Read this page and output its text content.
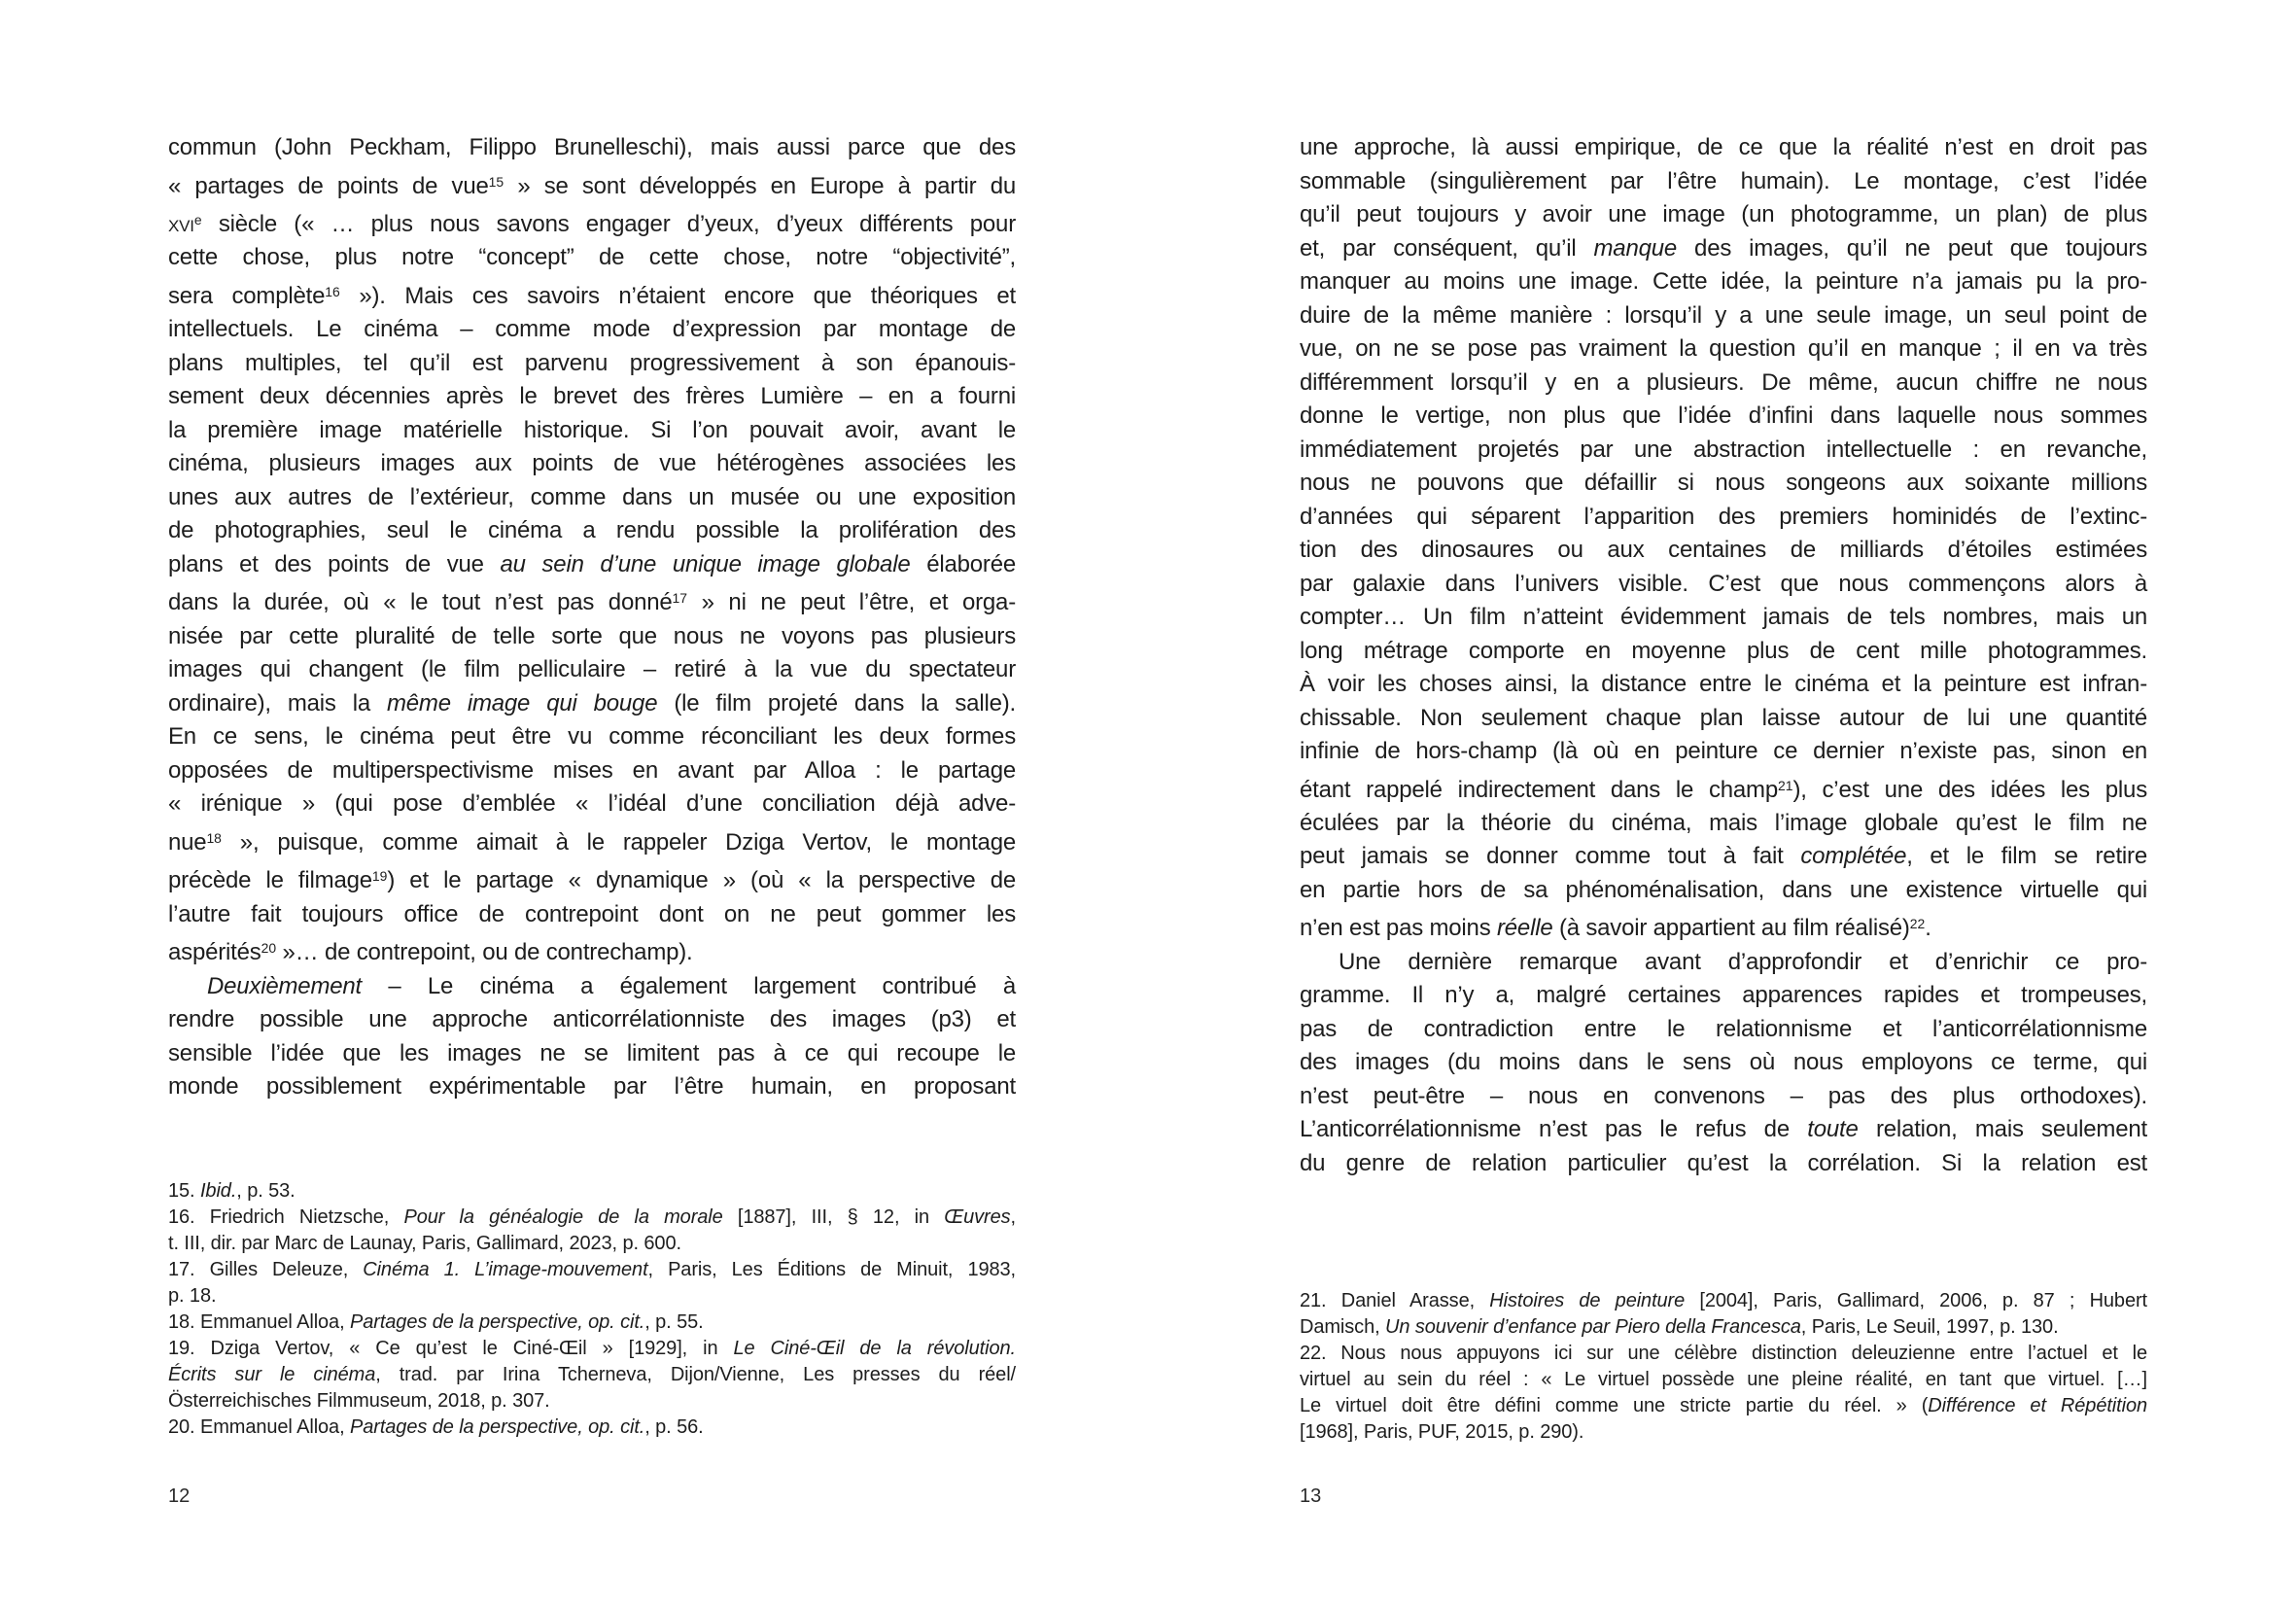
commun (John Peckham, Filippo Brunelleschi), mais aussi parce que des
« partages de points de vue$^{15}$ » se sont développés en Europe à partir du
xvi$^e$ siècle (« … plus nous savons engager d’yeux, d’yeux différents pour
cette chose, plus notre “concept” de cette chose, notre “objectivité”,
sera complète$^{16}$ »). Mais ces savoirs n’étaient encore que théoriques et
intellectuels. Le cinéma – comme mode d’expression par montage de
plans multiples, tel qu’il est parvenu progressivement à son épanouis-
sement deux décennies après le brevet des frères Lumière – en a fourni
la première image matérielle historique. Si l’on pouvait avoir, avant le
cinéma, plusieurs images aux points de vue hétérogènes associées les
unes aux autres de l’extérieur, comme dans un musée ou une exposition
de photographies, seul le cinéma a rendu possible la prolifération des
plans et des points de vue au sein d’une unique image globale élaborée
dans la durée, où « le tout n’est pas donné$^{17}$ » ni ne peut l’être, et orga-
nisée par cette pluralité de telle sorte que nous ne voyons pas plusieurs
images qui changent (le film pelliculaire – retiré à la vue du spectateur
ordinaire), mais la même image qui bouge (le film projeté dans la salle).
En ce sens, le cinéma peut être vu comme réconciliant les deux formes
opposées de multiperspectivisme mises en avant par Alloa : le partage
« irénique » (qui pose d’emblée « l’idéal d’une conciliation déjà adve-
nue$^{18}$ », puisque, comme aimait à le rappeler Dziga Vertov, le montage
précède le filmage$^{19}$) et le partage « dynamique » (où « la perspective de
l’autre fait toujours office de contrepoint dont on ne peut gommer les
aspérités$^{20}$ »… de contrepoint, ou de contrechamp).
Deuxièmement – Le cinéma a également largement contribué à
rendre possible une approche anticorrélationniste des images (p3) et
sensible l’idée que les images ne se limitent pas à ce qui recoupe le
monde possiblement expérimentable par l’être humain, en proposant
15. Ibid., p. 53.
16. Friedrich Nietzsche, Pour la généalogie de la morale [1887], III, § 12, in Œuvres,
t. III, dir. par Marc de Launay, Paris, Gallimard, 2023, p. 600.
17. Gilles Deleuze, Cinéma 1. L’image-mouvement, Paris, Les Éditions de Minuit, 1983,
p. 18.
18. Emmanuel Alloa, Partages de la perspective, op. cit., p. 55.
19. Dziga Vertov, « Ce qu’est le Ciné-Œil » [1929], in Le Ciné-Œil de la révolution.
Écrits sur le cinéma, trad. par Irina Tcherneva, Dijon/Vienne, Les presses du réel/
Österreichisches Filmmuseum, 2018, p. 307.
20. Emmanuel Alloa, Partages de la perspective, op. cit., p. 56.
12
une approche, là aussi empirique, de ce que la réalité n’est en droit pas
sommable (singulièrement par l’être humain). Le montage, c’est l’idée
qu’il peut toujours y avoir une image (un photogramme, un plan) de plus
et, par conséquent, qu’il manque des images, qu’il ne peut que toujours
manquer au moins une image. Cette idée, la peinture n’a jamais pu la pro-
duire de la même manière : lorsqu’il y a une seule image, un seul point de
vue, on ne se pose pas vraiment la question qu’il en manque ; il en va très
différemment lorsqu’il y en a plusieurs. De même, aucun chiffre ne nous
donne le vertige, non plus que l’idée d’infini dans laquelle nous sommes
immédiatement projetés par une abstraction intellectuelle : en revanche,
nous ne pouvons que défaillir si nous songeons aux soixante millions
d’années qui séparent l’apparition des premiers hominidés de l’extinc-
tion des dinosaures ou aux centaines de milliards d’étoiles estimées
par galaxie dans l’univers visible. C’est que nous commençons alors à
compter… Un film n’atteint évidemment jamais de tels nombres, mais un
long métrage comporte en moyenne plus de cent mille photogrammes.
À voir les choses ainsi, la distance entre le cinéma et la peinture est infran-
chissable. Non seulement chaque plan laisse autour de lui une quantité
infinie de hors-champ (là où en peinture ce dernier n’existe pas, sinon en
étant rappelé indirectement dans le champ$^{21}$), c’est une des idées les plus
éculées par la théorie du cinéma, mais l’image globale qu’est le film ne
peut jamais se donner comme tout à fait complétée, et le film se retire
en partie hors de sa phénoménalisation, dans une existence virtuelle qui
n’en est pas moins réelle (à savoir appartient au film réalisé)$^{22}$.
Une dernière remarque avant d’approfondir et d’enrichir ce pro-
gramme. Il n’y a, malgré certaines apparences rapides et trompeuses,
pas de contradiction entre le relationnisme et l’anticorrélationnisme
des images (du moins dans le sens où nous employons ce terme, qui
n’est peut-être – nous en convenons – pas des plus orthodoxes).
L’anticorrélationnisme n’est pas le refus de toute relation, mais seulement
du genre de relation particulier qu’est la corrélation. Si la relation est
21. Daniel Arasse, Histoires de peinture [2004], Paris, Gallimard, 2006, p. 87 ; Hubert
Damisch, Un souvenir d’enfance par Piero della Francesca, Paris, Le Seuil, 1997, p. 130.
22. Nous nous appuyons ici sur une célèbre distinction deleuzienne entre l’actuel et le
virtuel au sein du réel : « Le virtuel possède une pleine réalité, en tant que virtuel. […]
Le virtuel doit être défini comme une stricte partie du réel. » (Différence et Répétition
[1968], Paris, PUF, 2015, p. 290).
13
